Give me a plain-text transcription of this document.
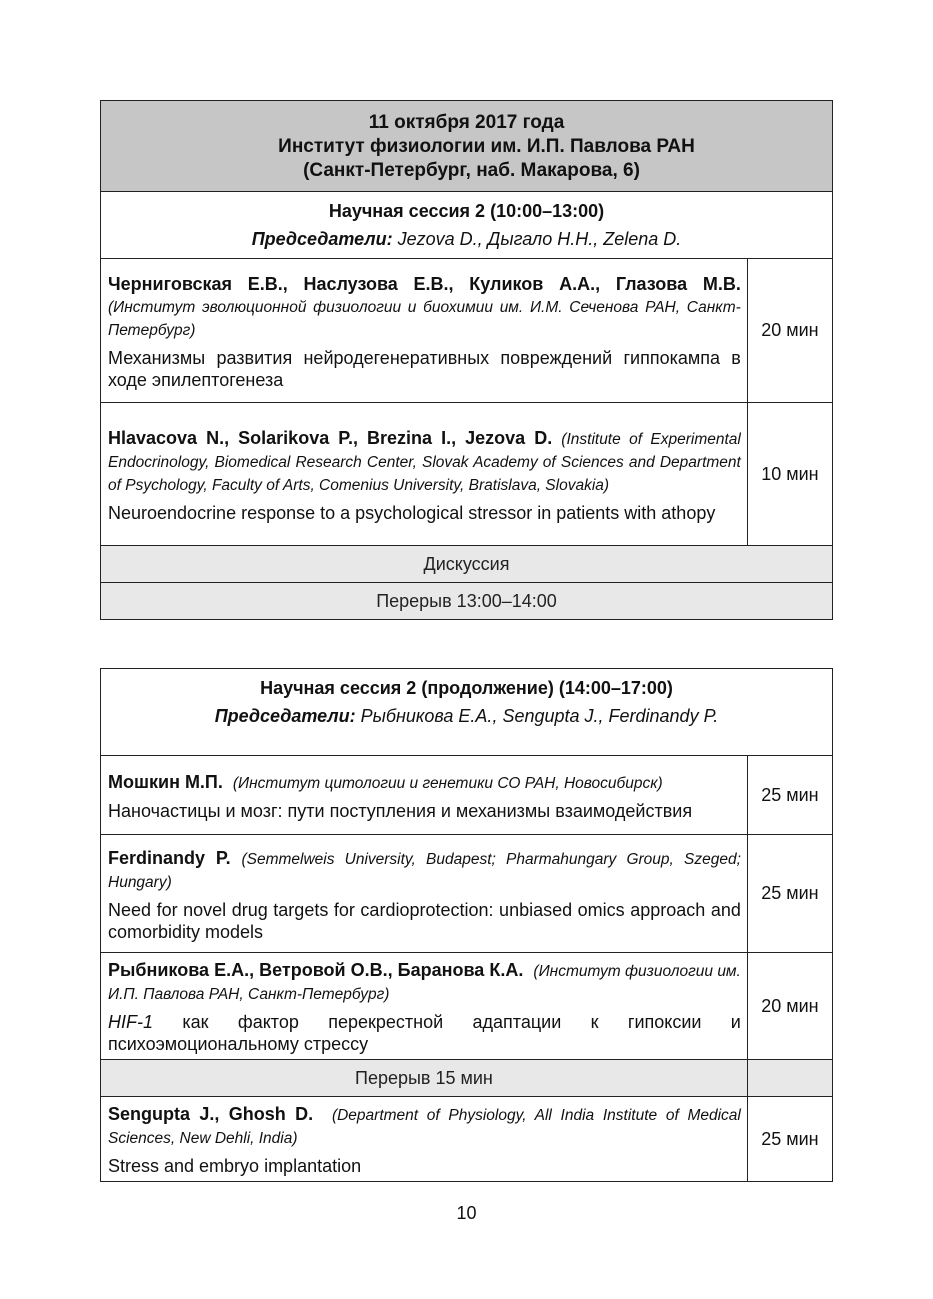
11 октября 2017 года
Институт физиологии им. И.П. Павлова РАН
(Санкт-Петербург, наб. Макарова, 6)	

Научная сессия 2 (10:00–13:00)
Председатели: Jezova D., Дыгало Н.Н., Zelena D.	

Черниговская Е.В., Наслузова Е.В., Куликов А.А., Глазова М.В. (Институт эволюционной физиологии и биохимии им. И.М. Сеченова РАН, Санкт-Петербург)
Механизмы развития нейродегенеративных повреждений гиппокампа в ходе эпилептогенеза	20 мин
Hlavacova N., Solarikova P., Brezina I., Jezova D. (Institute of Experimental Endocrinology, Biomedical Research Center, Slovak Academy of Sciences and Department of Psychology, Faculty of Arts, Comenius University, Bratislava, Slovakia)
Neuroendocrine response to a psychological stressor in patients with athopy	10 мин
Дискуссия	
Перерыв 13:00–14:00	
Научная сессия 2 (продолжение) (14:00–17:00)
Председатели: Рыбникова Е.А., Sengupta J., Ferdinandy P.	

Мошкин М.П. (Институт цитологии и генетики СО РАН, Новосибирск)
Наночастицы и мозг: пути поступления и механизмы взаимодействия	25 мин
Ferdinandy P. (Semmelweis University, Budapest; Pharmahungary Group, Szeged; Hungary)
Need for novel drug targets for cardioprotection: unbiased omics approach and comorbidity models	25 мин
Рыбникова Е.А., Ветровой О.В., Баранова К.А. (Институт физиологии им. И.П. Павлова РАН, Санкт-Петербург)
HIF-1 как фактор перекрестной адаптации к гипоксии и психоэмоциональному стрессу	20 мин
Перерыв 15 мин	
Sengupta J., Ghosh D. (Department of Physiology, All India Institute of Medical Sciences, New Dehli, India)
Stress and embryo implantation	25 мин
10
